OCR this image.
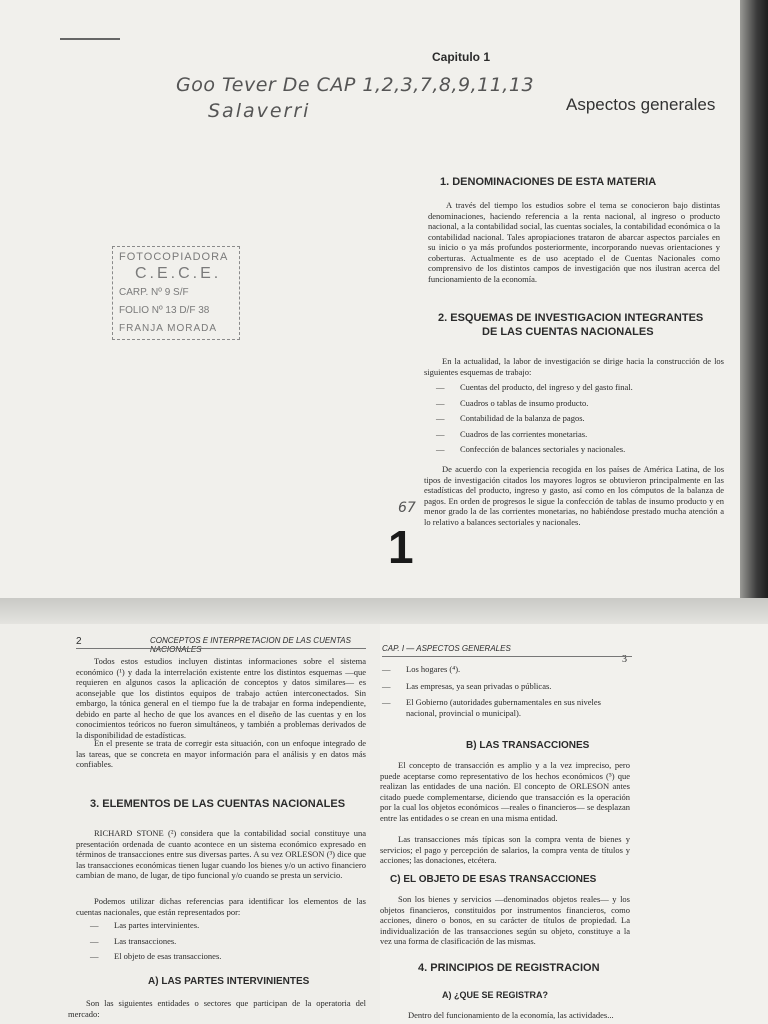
Capitulo 1
Goo Tever De CAP 1,2,3,7,8,9,11,13
Salaverri	Aspectos generales
1. DENOMINACIONES DE ESTA MATERIA
A través del tiempo los estudios sobre el tema se conocieron bajo distintas denominaciones, haciendo referencia a la renta nacional, al ingreso o producto nacional, a la contabilidad social, las cuentas sociales, la contabilidad económica o la contabilidad nacional. Tales apropiaciones trataron de abarcar aspectos parciales en su inicio o ya más profundos posteriormente, incorporando nuevas orientaciones y coberturas. Actualmente es de uso aceptado el de Cuentas Nacionales como comprensivo de los distintos campos de investigación que nos ilustran acerca del funcionamiento de la economía.
FOTOCOPIADORA
C.E.C.E.
CARP. Nº 9 S/F
FOLIO Nº 13 D/F 38
FRANJA MORADA
2. ESQUEMAS DE INVESTIGACION INTEGRANTES
DE LAS CUENTAS NACIONALES
En la actualidad, la labor de investigación se dirige hacia la construcción de los siguientes esquemas de trabajo:
—	Cuentas del producto, del ingreso y del gasto final.
—	Cuadros o tablas de insumo producto.
—	Contabilidad de la balanza de pagos.
—	Cuadros de las corrientes monetarias.
—	Confección de balances sectoriales y nacionales.
De acuerdo con la experiencia recogida en los países de América Latina, de los tipos de investigación citados los mayores logros se obtuvieron principalmente en las estadísticas del producto, ingreso y gasto, así como en los cómputos de la balanza de pagos. En orden de progresos le sigue la confección de tablas de insumo producto y en menor grado la de las corrientes monetarias, no habiéndose prestado mucha atención a lo relativo a balances sectoriales y nacionales.
67
1
2	CONCEPTOS E INTERPRETACION DE LAS CUENTAS NACIONALES
Todos estos estudios incluyen distintas informaciones sobre el sistema económico (¹) y dada la interrelación existente entre los distintos esquemas —que requieren en algunos casos la aplicación de conceptos y datos similares— es aconsejable que los distintos equipos de trabajo actúen interconectados. Sin embargo, la tónica general en el tiempo fue la de trabajar en forma independiente, debido en parte al hecho de que los avances en el diseño de las cuentas y en los conocimientos teóricos no fueron simultáneos, y también a problemas derivados de la disponibilidad de estadísticas.
En el presente se trata de corregir esta situación, con un enfoque integrado de las tareas, que se concreta en mayor información para el análisis y en datos más confiables.
3. ELEMENTOS DE LAS CUENTAS NACIONALES
RICHARD STONE (²) considera que la contabilidad social constituye una presentación ordenada de cuanto acontece en un sistema económico expresado en términos de transacciones entre sus diversas partes. A su vez ORLESON (³) dice que las transacciones económicas tienen lugar cuando los bienes y/o un activo financiero cambian de mano, de lugar, de tipo funcional y/o cuando se presta un servicio.
Podemos utilizar dichas referencias para identificar los elementos de las cuentas nacionales, que están representados por:
—	Las partes intervinientes.
—	Las transacciones.
—	El objeto de esas transacciones.
A) LAS PARTES INTERVINIENTES
Son las siguientes entidades o sectores que participan de la operatoria del mercado:
CAP. I — ASPECTOS GENERALES
3
—	Los hogares (⁴).
—	Las empresas, ya sean privadas o públicas.
—	El Gobierno (autoridades gubernamentales en sus niveles nacional, provincial o municipal).
B) LAS TRANSACCIONES
El concepto de transacción es amplio y a la vez impreciso, pero puede aceptarse como representativo de los hechos económicos (⁵) que realizan las entidades de una nación. El concepto de ORLESON antes citado puede complementarse, diciendo que transacción es la operación por la cual los objetos económicos —reales o financieros— se desplazan entre las entidades o se crean en una misma entidad.
Las transacciones más típicas son la compra venta de bienes y servicios; el pago y percepción de salarios, la compra venta de títulos y acciones; las donaciones, etcétera.
C) EL OBJETO DE ESAS TRANSACCIONES
Son los bienes y servicios —denominados objetos reales— y los objetos financieros, constituidos por instrumentos financieros, como acciones, dinero o bonos, en su carácter de títulos de propiedad. La individualización de las transacciones según su objeto, constituye a la vez una forma de clasificación de las mismas.
4. PRINCIPIOS DE REGISTRACION
A) ¿QUE SE REGISTRA?
Dentro del funcionamiento de la economía, las actividades...
